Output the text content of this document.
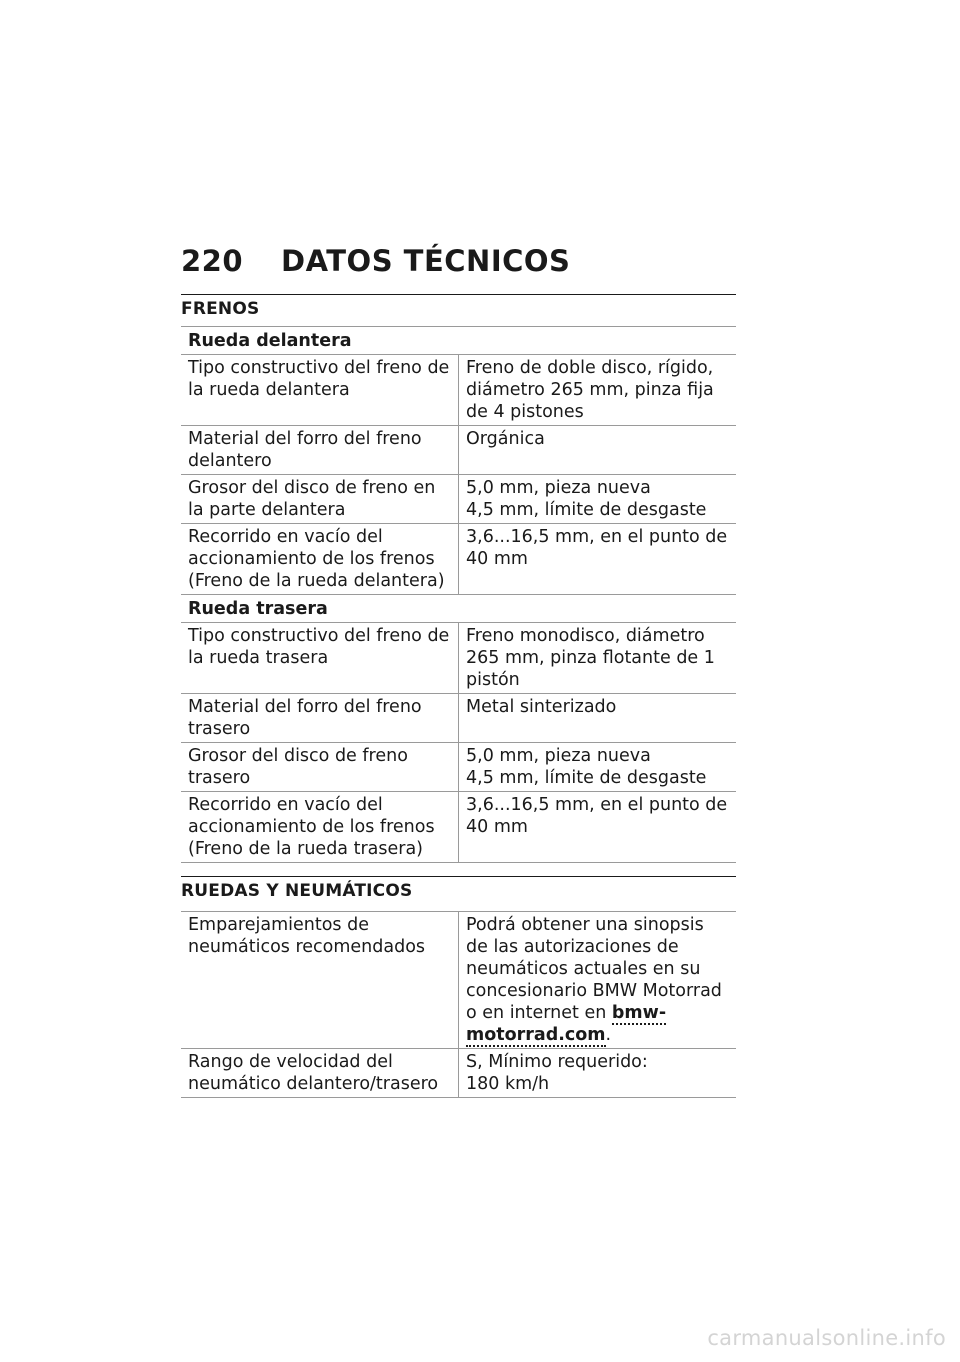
220 DATOS TÉCNICOS
FRENOS
Rueda delantera	
Tipo constructivo del freno de la rueda delantera	Freno de doble disco, rígido, diámetro 265 mm, pinza fija de 4 pistones
Material del forro del freno delantero	Orgánica
Grosor del disco de freno en la parte delantera	5,0 mm, pieza nueva
4,5 mm, límite de desgaste
Recorrido en vacío del accionamiento de los frenos (Freno de la rueda delantera)	3,6...16,5 mm, en el punto de 40 mm
Rueda trasera	
Tipo constructivo del freno de la rueda trasera	Freno monodisco, diámetro 265 mm, pinza flotante de 1 pistón
Material del forro del freno trasero	Metal sinterizado
Grosor del disco de freno trasero	5,0 mm, pieza nueva
4,5 mm, límite de desgaste
Recorrido en vacío del accionamiento de los frenos (Freno de la rueda trasera)	3,6...16,5 mm, en el punto de 40 mm
RUEDAS Y NEUMÁTICOS
Emparejamientos de neumáticos recomendados	Podrá obtener una sinopsis de las autorizaciones de neumáticos actuales en su concesionario BMW Motorrad o en internet en bmw-motorrad.com.
Rango de velocidad del neumático delantero/trasero	S, Mínimo requerido:
180 km/h
carmanualsonline.info
